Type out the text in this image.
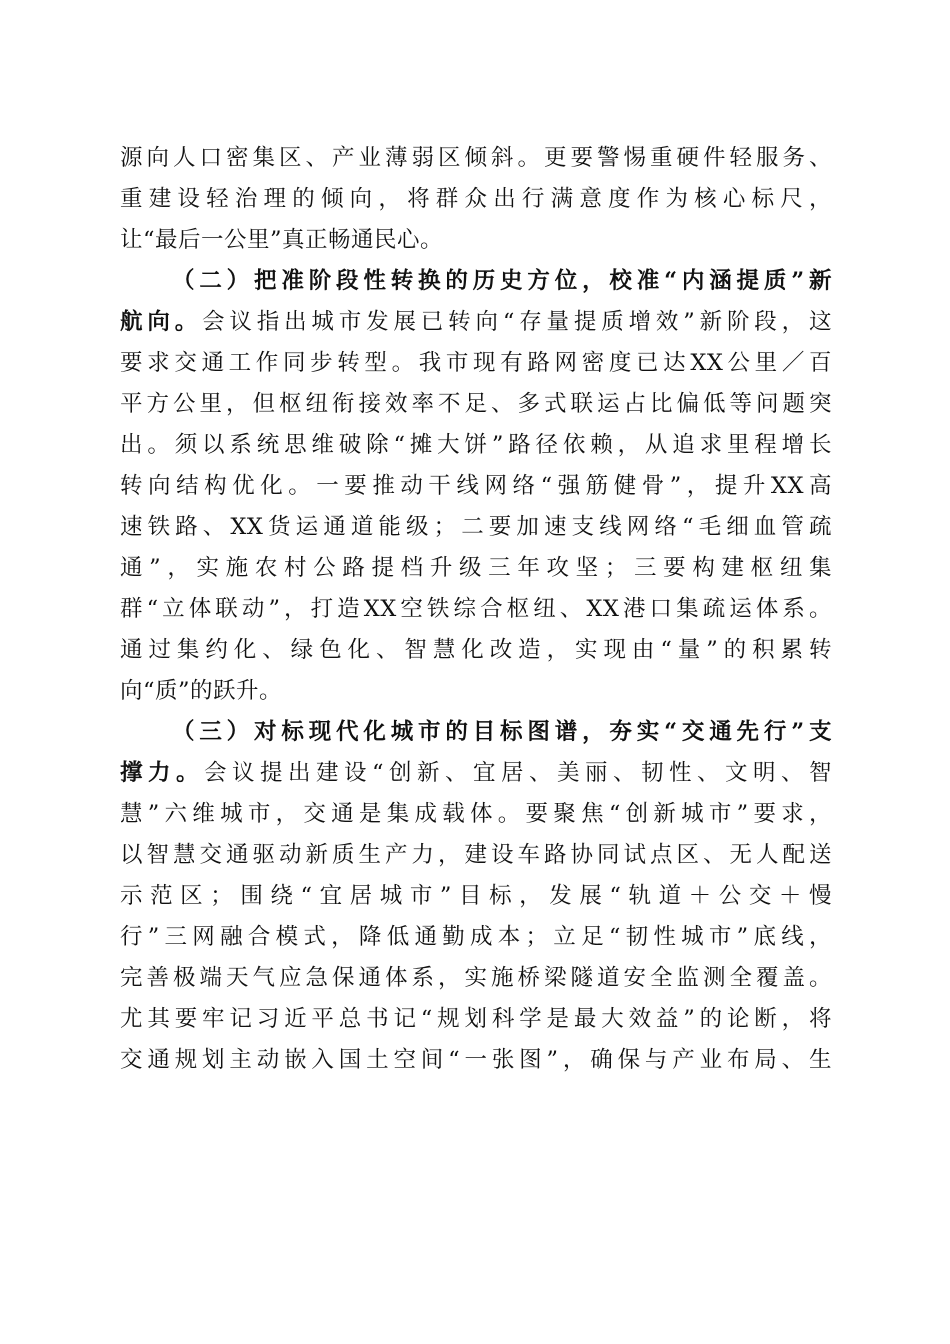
源向人口密集区、产业薄弱区倾斜。更要警惕重硬件轻服务、
重建设轻治理的倾向，将群众出行满意度作为核心标尺，
让“最后一公里”真正畅通民心。
（二）把准阶段性转换的历史方位，校准“内涵提质”新
航向。会议指出城市发展已转向“存量提质增效”新阶段，这
要求交通工作同步转型。我市现有路网密度已达XX公里／百
平方公里，但枢纽衔接效率不足、多式联运占比偏低等问题突
出。须以系统思维破除“摊大饼”路径依赖，从追求里程增长
转向结构优化。一要推动干线网络“强筋健骨”，提升XX高
速铁路、XX货运通道能级；二要加速支线网络“毛细血管疏
通”，实施农村公路提档升级三年攻坚；三要构建枢纽集
群“立体联动”，打造XX空铁综合枢纽、XX港口集疏运体系。
通过集约化、绿色化、智慧化改造，实现由“量”的积累转
向“质”的跃升。
（三）对标现代化城市的目标图谱，夯实“交通先行”支
撑力。会议提出建设“创新、宜居、美丽、韧性、文明、智
慧”六维城市，交通是集成载体。要聚焦“创新城市”要求，
以智慧交通驱动新质生产力，建设车路协同试点区、无人配送
示范区；围绕“宜居城市”目标，发展“轨道＋公交＋慢
行”三网融合模式，降低通勤成本；立足“韧性城市”底线，
完善极端天气应急保通体系，实施桥梁隧道安全监测全覆盖。
尤其要牢记习近平总书记“规划科学是最大效益”的论断，将
交通规划主动嵌入国土空间“一张图”，确保与产业布局、生
